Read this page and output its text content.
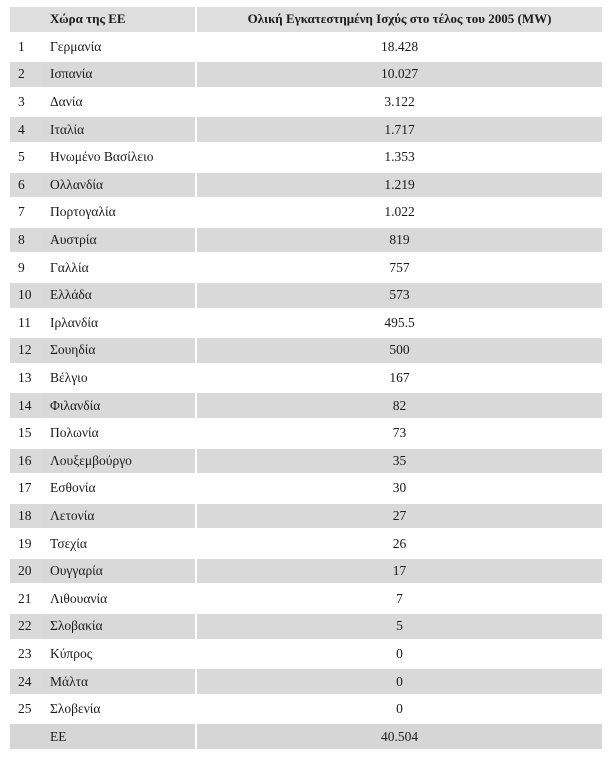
	Χώρα της ΕΕ	Ολική Εγκατεστημένη Ισχύς στο τέλος του 2005 (MW)
1	Γερμανία	18.428
2	Ισπανία	10.027
3	Δανία	3.122
4	Ιταλία	1.717
5	Ηνωμένο Βασίλειο	1.353
6	Ολλανδία	1.219
7	Πορτογαλία	1.022
8	Αυστρία	819
9	Γαλλία	757
10	Ελλάδα	573
11	Ιρλανδία	495.5
12	Σουηδία	500
13	Βέλγιο	167
14	Φιλανδία	82
15	Πολωνία	73
16	Λουξεμβούργο	35
17	Εσθονία	30
18	Λετονία	27
19	Τσεχία	26
20	Ουγγαρία	17
21	Λιθουανία	7
22	Σλοβακία	5
23	Κύπρος	0
24	Μάλτα	0
25	Σλοβενία	0
	ΕΕ	40.504
